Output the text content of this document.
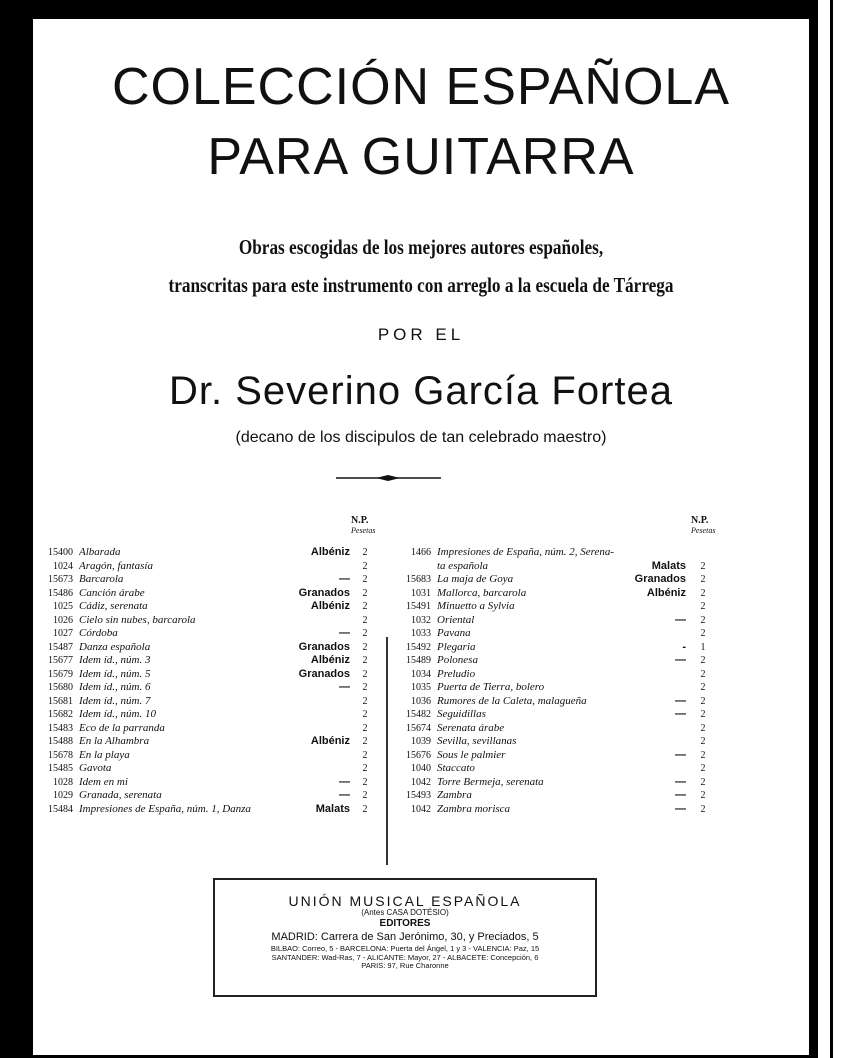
COLECCIÓN ESPAÑOLA
PARA GUITARRA
Obras escogidas de los mejores autores españoles,
transcritas para este instrumento con arreglo a la escuela de Tárrega
POR EL
Dr. Severino García Fortea
(decano de los discipulos de tan celebrado maestro)
N.P.
Pesetas
N.P.
Pesetas
15400 Albarada	Albéniz	2
1024 Aragón, fantasía	2
15673 Barcarola	—	2
15486 Canción árabe	Granados	2
1025 Cádiz, serenata	Albéniz	2
1026 Cielo sin nubes, barcarola	2
1027 Córdoba	—	2
15487 Danza española	Granados	2
15677 Idem íd., núm. 3	Albéniz	2
15679 Idem íd., núm. 5	Granados	2
15680 Idem íd., núm. 6	—	2
15681 Idem íd., núm. 7	2
15682 Idem íd., núm. 10	2
15483 Eco de la parranda	2
15488 En la Alhambra	Albéniz	2
15678 En la playa	2
15485 Gavota	2
1028 Idem en mi	—	2
1029 Granada, serenata	—	2
15484 Impresiones de España, núm. 1, Danza	Malats	2
1466 Impresiones de España, núm. 2, Serena-
ta española	Malats	2
15683 La maja de Goya	Granados	2
1031 Mallorca, barcarola	Albéniz	2
15491 Minuetto a Sylvia	2
1032 Oriental	—	2
1033 Pavana	2
15492 Plegaria	-	1
15489 Polonesa	—	2
1034 Preludio	2
1035 Puerta de Tierra, bolero	2
1036 Rumores de la Caleta, malagueña	—	2
15482 Seguidillas	—	2
15674 Serenata árabe	2
1039 Sevilla, sevillanas	2
15676 Sous le palmier	—	2
1040 Staccato	2
1042 Torre Bermeja, serenata	—	2
15493 Zambra	—	2
1042 Zambra morisca	—	2
UNIÓN MUSICAL ESPAÑOLA
(Antes CASA DOTÉSIO)
EDITORES
MADRID: Carrera de San Jerónimo, 30, y Preciados, 5
BILBAO: Correo, 5 - BARCELONA: Puerta del Ángel, 1 y 3 - VALENCIA: Paz, 15
SANTANDER: Wad-Ras, 7 - ALICANTE: Mayor, 27 - ALBACETE: Concepción, 6
PARIS: 97, Rue Charonne
